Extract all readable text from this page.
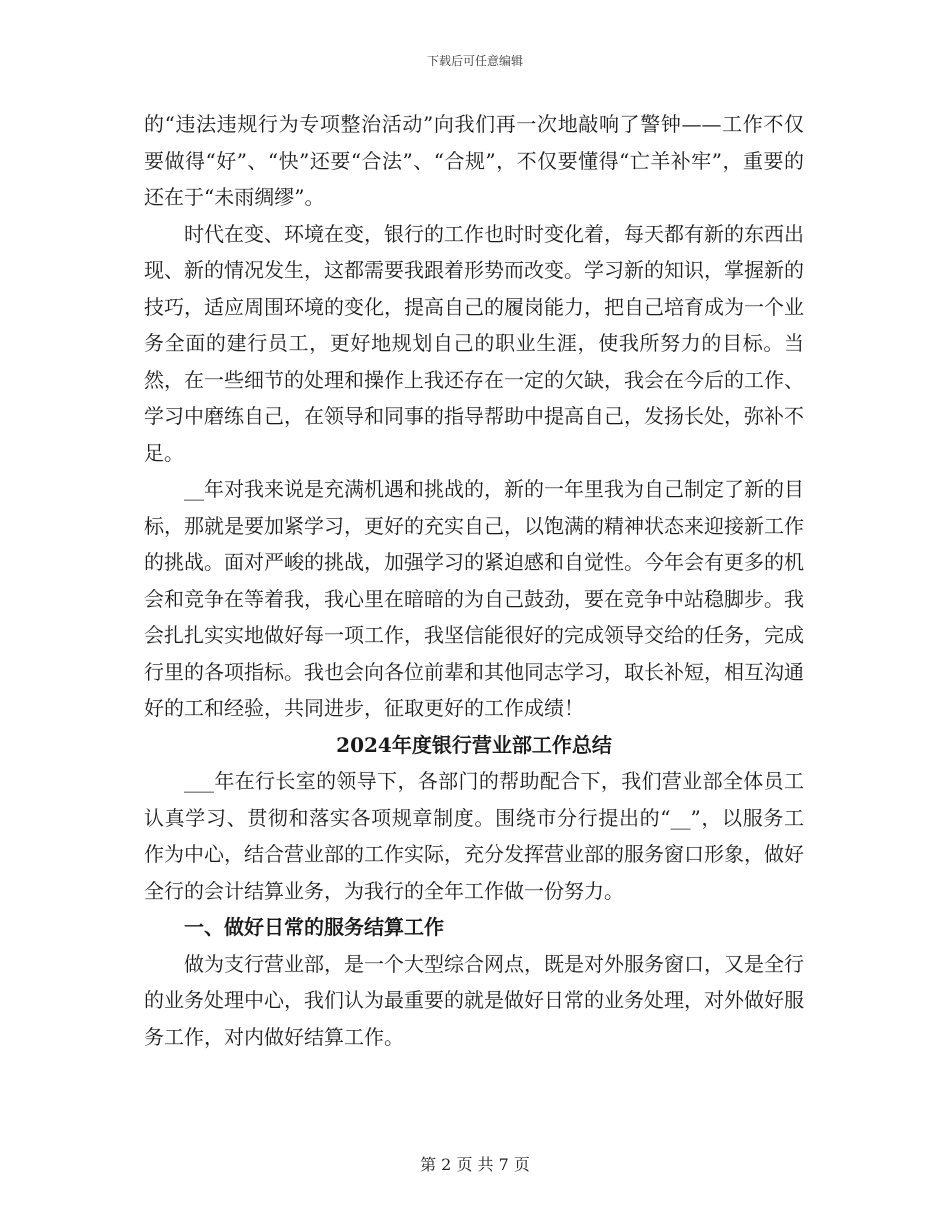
下载后可任意编辑

的“违法违规行为专项整治活动”向我们再一次地敲响了警钟——工作不仅要做得“好”、“快”还要“合法”、“合规”，不仅要懂得“亡羊补牢”，重要的还在于“未雨绸缪”。

时代在变、环境在变，银行的工作也时时变化着，每天都有新的东西出现、新的情况发生，这都需要我跟着形势而改变。学习新的知识，掌握新的技巧，适应周围环境的变化，提高自己的履岗能力，把自己培育成为一个业务全面的建行员工，更好地规划自己的职业生涯，使我所努力的目标。当然，在一些细节的处理和操作上我还存在一定的欠缺，我会在今后的工作、学习中磨练自己，在领导和同事的指导帮助中提高自己，发扬长处，弥补不足。

__年对我来说是充满机遇和挑战的，新的一年里我为自己制定了新的目标，那就是要加紧学习，更好的充实自己，以饱满的精神状态来迎接新工作的挑战。面对严峻的挑战，加强学习的紧迫感和自觉性。今年会有更多的机会和竞争在等着我，我心里在暗暗的为自己鼓劲，要在竞争中站稳脚步。我会扎扎实实地做好每一项工作，我坚信能很好的完成领导交给的任务，完成行里的各项指标。我也会向各位前辈和其他同志学习，取长补短，相互沟通好的工和经验，共同进步，征取更好的工作成绩！

2024年度银行营业部工作总结

___年在行长室的领导下，各部门的帮助配合下，我们营业部全体员工认真学习、贯彻和落实各项规章制度。围绕市分行提出的“__”，以服务工作为中心，结合营业部的工作实际，充分发挥营业部的服务窗口形象，做好全行的会计结算业务，为我行的全年工作做一份努力。

一、做好日常的服务结算工作

做为支行营业部，是一个大型综合网点，既是对外服务窗口，又是全行的业务处理中心，我们认为最重要的就是做好日常的业务处理，对外做好服务工作，对内做好结算工作。

第 2 页 共 7 页
